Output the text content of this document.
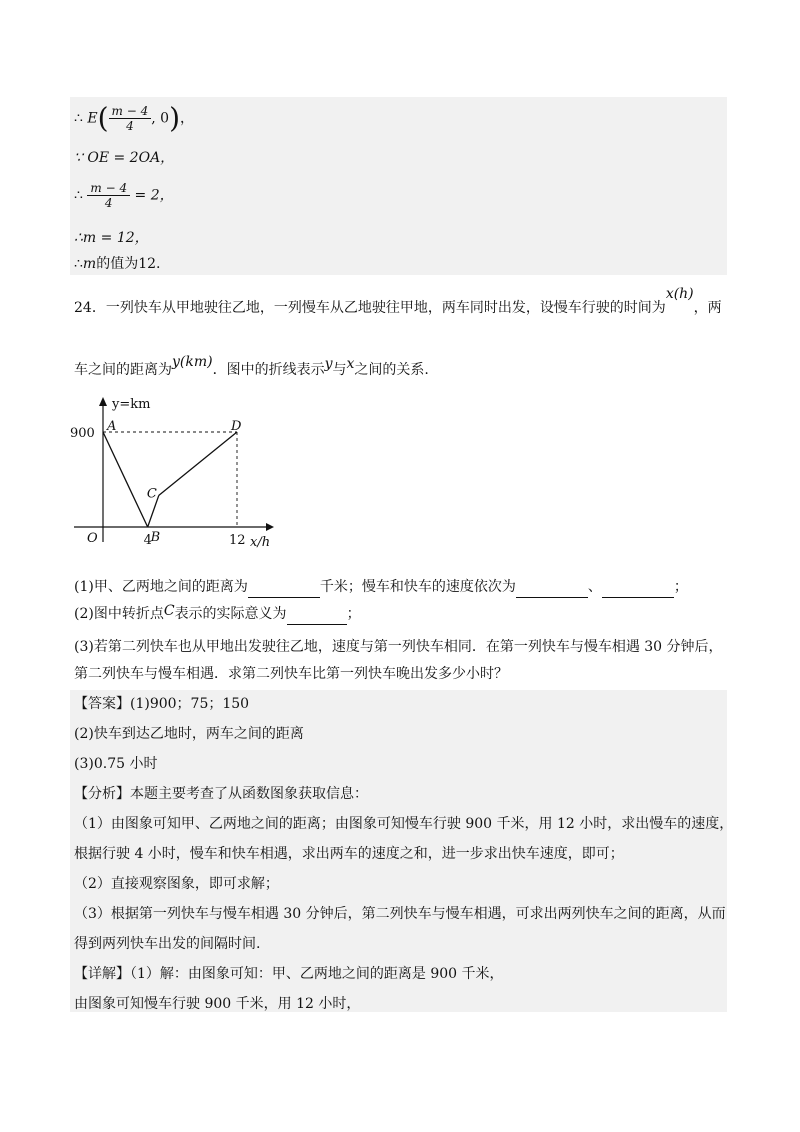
∴ $E( \frac{m - 4}{4}$ , 0)，
∵ OE = 2OA，
∴ $\frac{m - 4}{4} = 2$，
∴m = 12，
∴m的值为12.
24．一列快车从甲地驶往乙地，一列慢车从乙地驶往甲地，两车同时出发，设慢车行驶的时间为x(h)，两
车之间的距离为y(km)．图中的折线表示y与x之间的关系.
A
B
C
D
4	12
900
y=km
x/h
O
(1)甲、乙两地之间的距离为	千米；慢车和快车的速度依次为	、	；
(2)图中转折点C表示的实际意义为	；
(3)若第二列快车也从甲地出发驶往乙地，速度与第一列快车相同．在第一列快车与慢车相遇 30 分钟后，
第二列快车与慢车相遇．求第二列快车比第一列快车晚出发多少小时？
【答案】(1)900；75；150
(2)快车到达乙地时，两车之间的距离
(3)0.75 小时
【分析】本题主要考查了从函数图象获取信息：
（1）由图象可知甲、乙两地之间的距离；由图象可知慢车行驶 900 千米，用 12 小时，求出慢车的速度，
根据行驶 4 小时，慢车和快车相遇，求出两车的速度之和，进一步求出快车速度，即可；
（2）直接观察图象，即可求解；
（3）根据第一列快车与慢车相遇 30 分钟后，第二列快车与慢车相遇，可求出两列快车之间的距离，从而
得到两列快车出发的间隔时间.
【详解】（1）解：由图象可知：甲、乙两地之间的距离是 900 千米，
由图象可知慢车行驶 900 千米，用 12 小时，
